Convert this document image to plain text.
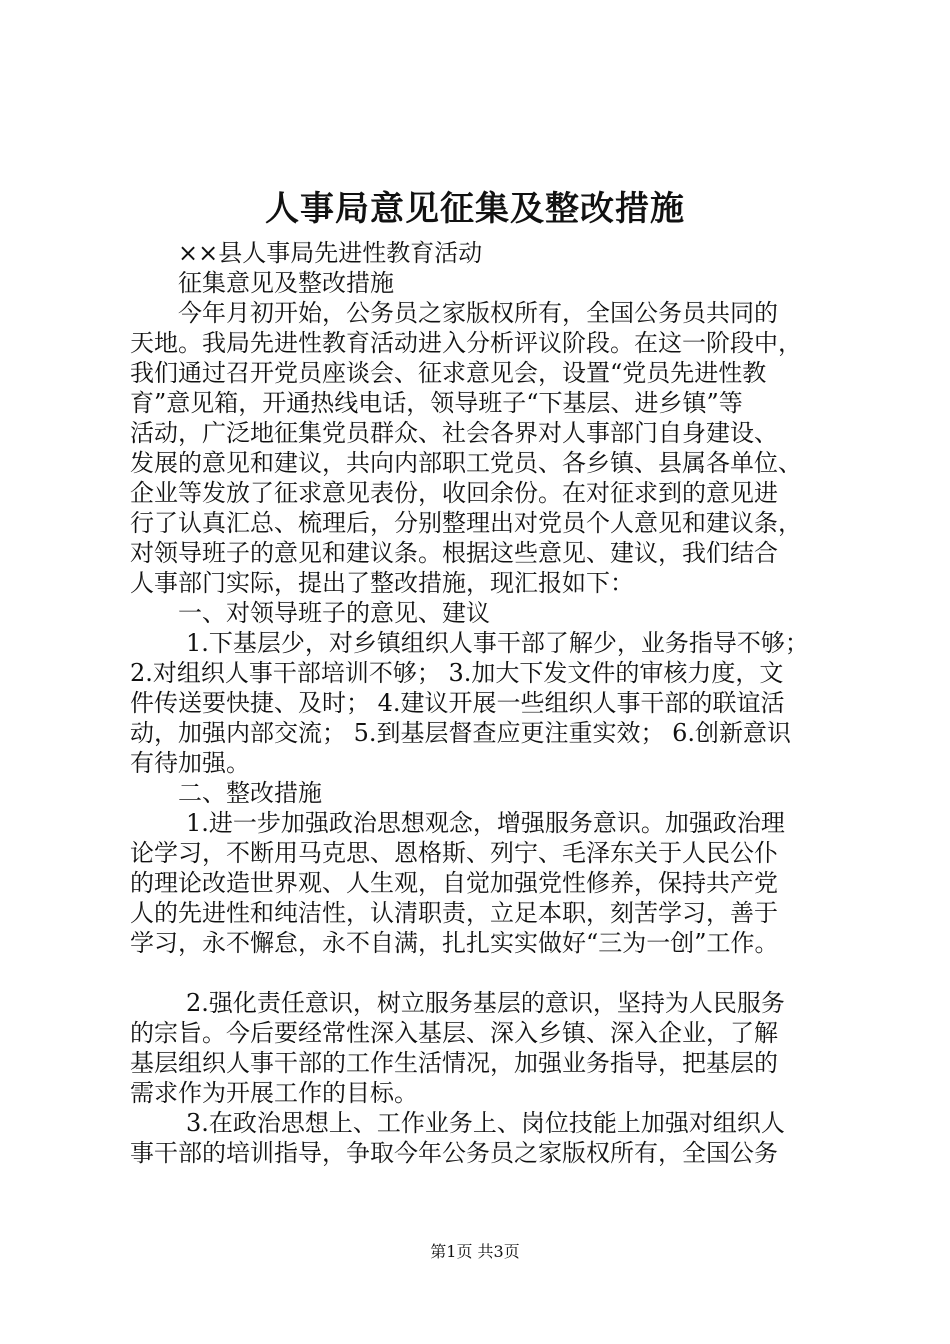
人事局意见征集及整改措施

××县人事局先进性教育活动

征集意见及整改措施

今年月初开始，公务员之家版权所有，全国公务员共同的

天地。我局先进性教育活动进入分析评议阶段。在这一阶段中，

我们通过召开党员座谈会、征求意见会，设置“党员先进性教

育”意见箱，开通热线电话，领导班子“下基层、进乡镇”等

活动，广泛地征集党员群众、社会各界对人事部门自身建设、

发展的意见和建议，共向内部职工党员、各乡镇、县属各单位、

企业等发放了征求意见表份，收回余份。在对征求到的意见进

行了认真汇总、梳理后，分别整理出对党员个人意见和建议条，

对领导班子的意见和建议条。根据这些意见、建议，我们结合

人事部门实际，提出了整改措施，现汇报如下：

一、对领导班子的意见、建议

1.下基层少，对乡镇组织人事干部了解少，业务指导不够；

2.对组织人事干部培训不够； 3.加大下发文件的审核力度，文

件传送要快捷、及时； 4.建议开展一些组织人事干部的联谊活

动，加强内部交流； 5.到基层督查应更注重实效； 6.创新意识

有待加强。

二、整改措施

1.进一步加强政治思想观念，增强服务意识。加强政治理

论学习，不断用马克思、恩格斯、列宁、毛泽东关于人民公仆

的理论改造世界观、人生观，自觉加强党性修养，保持共产党

人的先进性和纯洁性，认清职责，立足本职，刻苦学习，善于

学习，永不懈怠，永不自满，扎扎实实做好“三为一创”工作。

2.强化责任意识，树立服务基层的意识，坚持为人民服务

的宗旨。今后要经常性深入基层、深入乡镇、深入企业，了解

基层组织人事干部的工作生活情况，加强业务指导，把基层的

需求作为开展工作的目标。

3.在政治思想上、工作业务上、岗位技能上加强对组织人

事干部的培训指导，争取今年公务员之家版权所有，全国公务

第1页 共3页
